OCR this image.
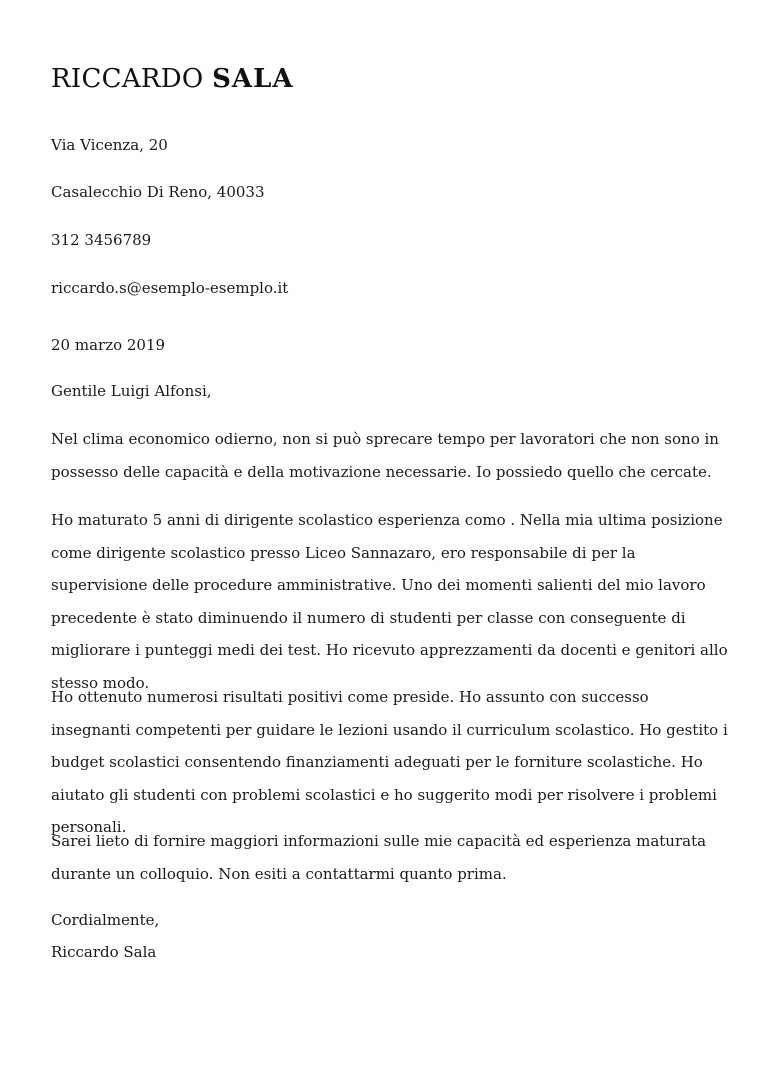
RICCARDO SALA
Via Vicenza, 20
Casalecchio Di Reno, 40033
312 3456789
riccardo.s@esemplo-esemplo.it
20 marzo 2019
Gentile Luigi Alfonsi,

Nel clima economico odierno, non si può sprecare tempo per lavoratori che non sono in possesso delle capacità e della motivazione necessarie. Io possiedo quello che cercate.

Ho maturato 5 anni di dirigente scolastico esperienza como . Nella mia ultima posizione come dirigente scolastico presso Liceo Sannazaro, ero responsabile di per la supervisione delle procedure amministrative. Uno dei momenti salienti del mio lavoro precedente è stato diminuendo il numero di studenti per classe con conseguente di migliorare i punteggi medi dei test. Ho ricevuto apprezzamenti da docenti e genitori allo stesso modo.

Ho ottenuto numerosi risultati positivi come preside. Ho assunto con successo insegnanti competenti per guidare le lezioni usando il curriculum scolastico. Ho gestito i budget scolastici consentendo finanziamenti adeguati per le forniture scolastiche. Ho aiutato gli studenti con problemi scolastici e ho suggerito modi per risolvere i problemi personali.

Sarei lieto di fornire maggiori informazioni sulle mie capacità ed esperienza maturata durante un colloquio. Non esiti a contattarmi quanto prima.

Cordialmente,
Riccardo Sala
